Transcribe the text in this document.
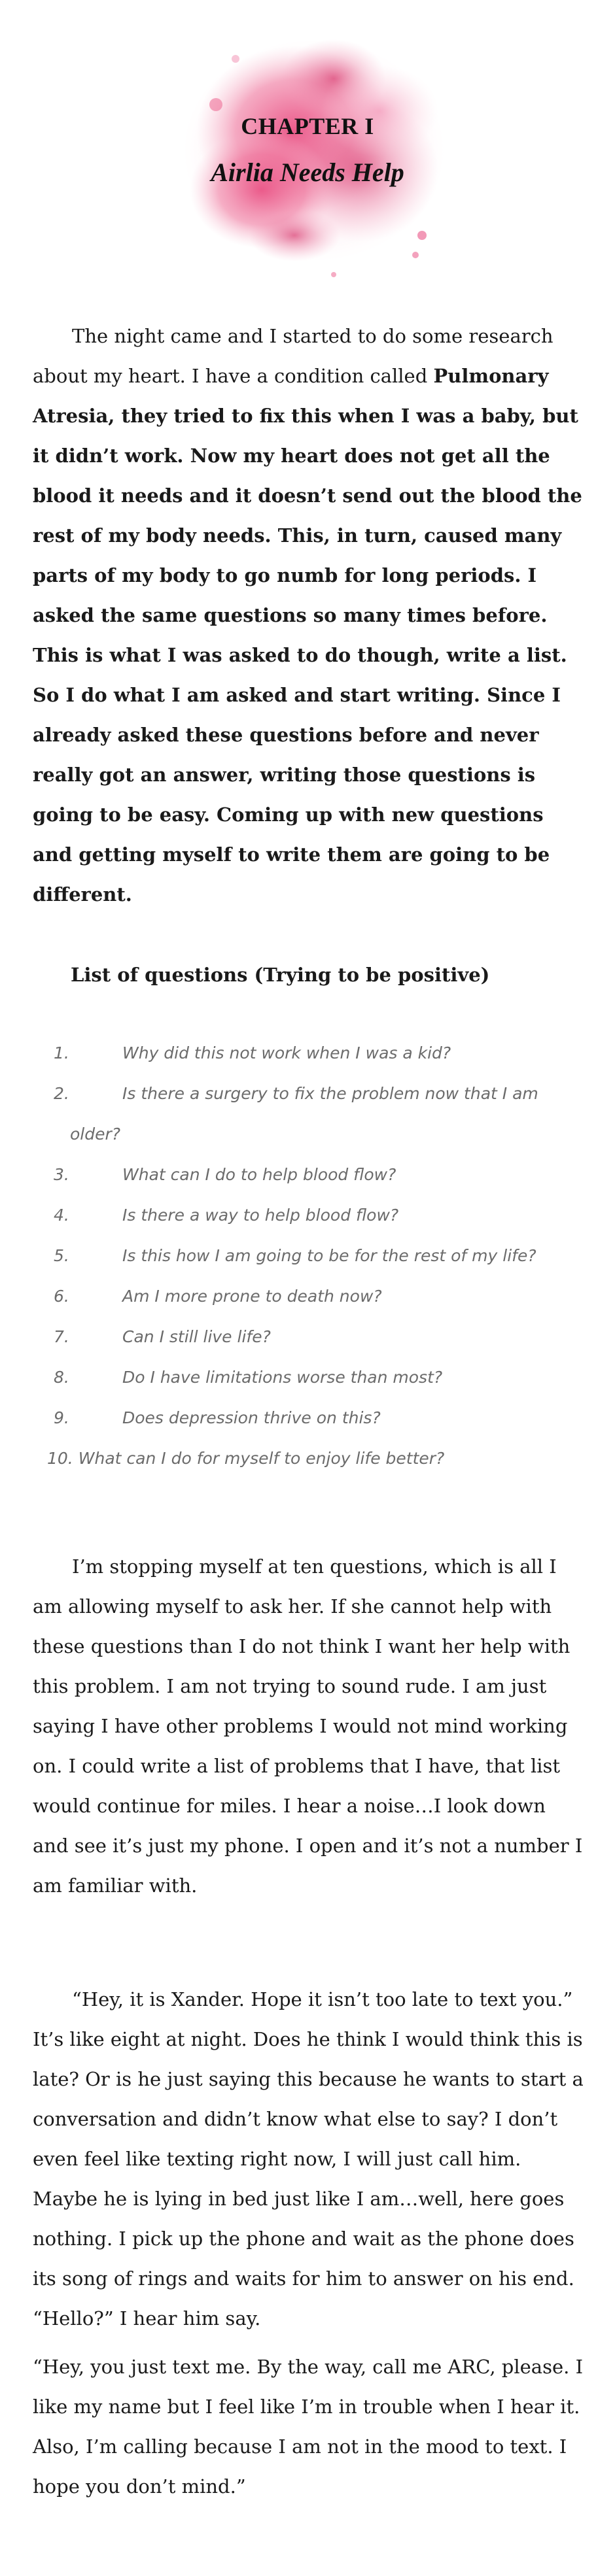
CHAPTER I
Airlia Needs Help

The night came and I started to do some research about my heart. I have a condition called Pulmonary Atresia, they tried to fix this when I was a baby, but it didn’t work. Now my heart does not get all the blood it needs and it doesn’t send out the blood the rest of my body needs. This, in turn, caused many parts of my body to go numb for long periods. I asked the same questions so many times before. This is what I was asked to do though, write a list. So I do what I am asked and start writing. Since I already asked these questions before and never really got an answer, writing those questions is going to be easy. Coming up with new questions and getting myself to write them are going to be different.

List of questions (Trying to be positive)
1.	Why did this not work when I was a kid?
2.	Is there a surgery to fix the problem now that I am
older?
3.	What can I do to help blood flow?
4.	Is there a way to help blood flow?
5.	Is this how I am going to be for the rest of my life?
6.	Am I more prone to death now?
7.	Can I still live life?
8.	Do I have limitations worse than most?
9.	Does depression thrive on this?
10. What can I do for myself to enjoy life better?

I’m stopping myself at ten questions, which is all I am allowing myself to ask her. If she cannot help with these questions than I do not think I want her help with this problem. I am not trying to sound rude. I am just saying I have other problems I would not mind working on. I could write a list of problems that I have, that list would continue for miles. I hear a noise…I look down and see it’s just my phone. I open and it’s not a number I am familiar with.

“Hey, it is Xander. Hope it isn’t too late to text you.” It’s like eight at night. Does he think I would think this is late? Or is he just saying this because he wants to start a conversation and didn’t know what else to say? I don’t even feel like texting right now, I will just call him. Maybe he is lying in bed just like I am…well, here goes nothing. I pick up the phone and wait as the phone does its song of rings and waits for him to answer on his end. “Hello?” I hear him say.

“Hey, you just text me. By the way, call me ARC, please. I like my name but I feel like I’m in trouble when I hear it. Also, I’m calling because I am not in the mood to text. I hope you don’t mind.”
